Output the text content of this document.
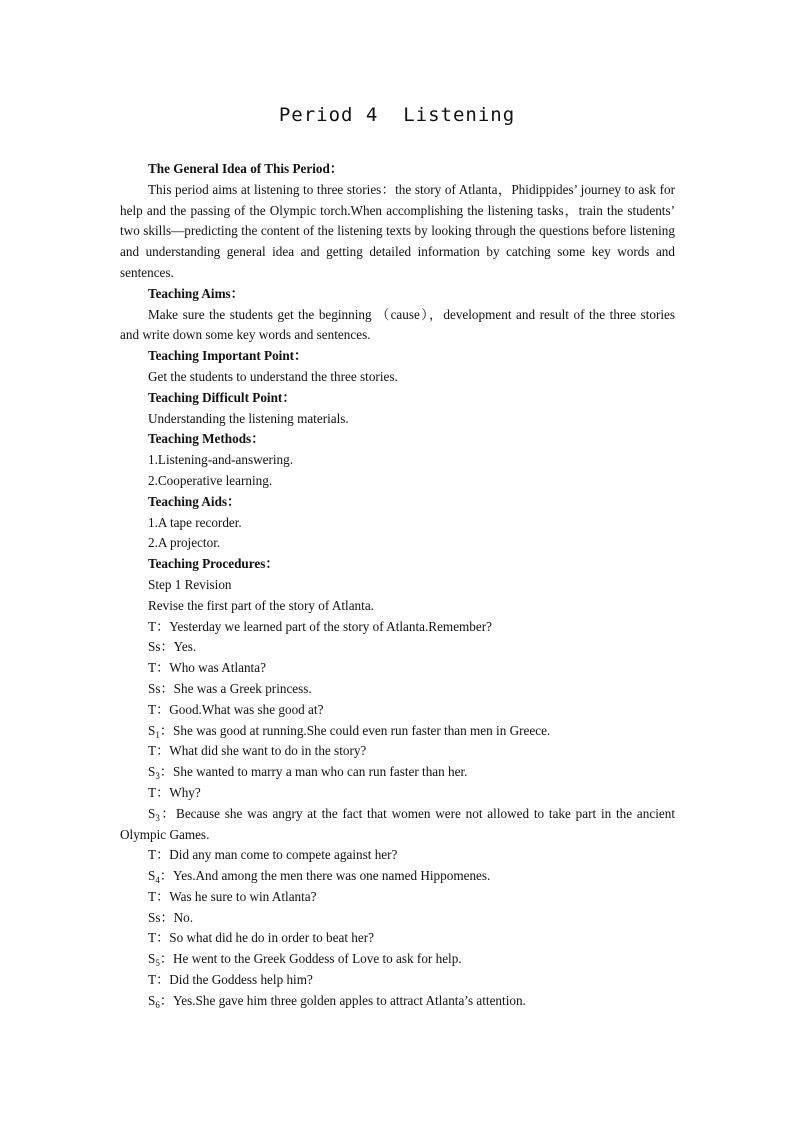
Period 4  Listening

The General Idea of This Period：

This period aims at listening to three stories：the story of Atlanta，Phidippides’ journey to ask for help and the passing of the Olympic torch.When accomplishing the listening tasks，train the students’ two skills—predicting the content of the listening texts by looking through the questions before listening and understanding general idea and getting detailed information by catching some key words and sentences.

Teaching Aims：

Make sure the students get the beginning （cause），development and result of the three stories and write down some key words and sentences.

Teaching Important Point：

Get the students to understand the three stories.

Teaching Difficult Point：

Understanding the listening materials.

Teaching Methods：

1.Listening-and-answering.

2.Cooperative learning.

Teaching Aids：

1.A tape recorder.

2.A projector.

Teaching Procedures：

Step 1 Revision

Revise the first part of the story of Atlanta.

T：Yesterday we learned part of the story of Atlanta.Remember?

Ss：Yes.

T：Who was Atlanta?

Ss：She was a Greek princess.

T：Good.What was she good at?

$S_1$：She was good at running.She could even run faster than men in Greece.

T：What did she want to do in the story?

$S_3$：She wanted to marry a man who can run faster than her.

T：Why?

$S_3$：Because she was angry at the fact that women were not allowed to take part in the ancient Olympic Games.

T：Did any man come to compete against her?

$S_4$：Yes.And among the men there was one named Hippomenes.

T：Was he sure to win Atlanta?

Ss：No.

T：So what did he do in order to beat her?

$S_5$：He went to the Greek Goddess of Love to ask for help.

T：Did the Goddess help him?

$S_6$：Yes.She gave him three golden apples to attract Atlanta’s attention.
